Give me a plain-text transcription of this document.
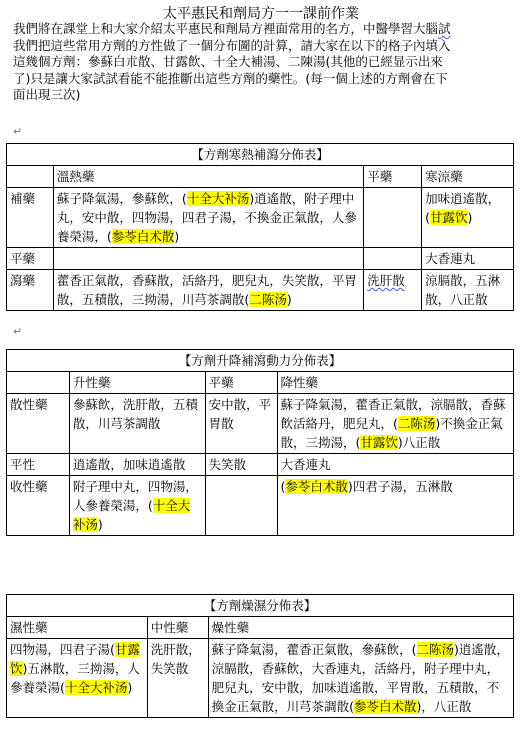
太平惠民和劑局方一一課前作業
我們將在課堂上和大家介紹太平惠民和劑局方裡面常用的名方，中醫學習大腦試
我們把這些常用方劑的方性做了一個分布圖的計算，請大家在以下的格子內填入
這幾個方劑：參蘇白朮散、甘露飲、十全大補湯、二陳湯(其他的已經显示出來
了)只是讓大家試試看能不能推斷出這些方劑的藥性。(每一個上述的方劑會在下
面出現三次)
↵
【方劑寒熱補瀉分佈表】			
	溫熱藥	平藥	寒涼藥
補藥	蘇子降氣湯，參蘇飲，(十全大补汤)逍遙散，附子理中丸，安中散，四物湯，四君子湯，不換金正氣散，人參養榮湯，(参苓白术散)		加味逍遙散，(甘露饮)
平藥			大香連丸
瀉藥	藿香正氣散，香蘇散，活絡丹，肥兒丸，失笑散，平胃散，五積散，三拗湯，川芎茶調散(二陈汤)	洗肝散	涼膈散，五淋散，八正散
↵
【方劑升降補瀉動力分佈表】			
	升性藥	平藥	降性藥
散性藥	參蘇飲，洗肝散，五積散，川芎茶調散	安中散，平胃散	蘇子降氣湯，藿香正氣散，涼膈散，香蘇飲活絡丹，肥兒丸，(二陈汤)不換金正氣散，三拗湯，(甘露饮)八正散
平性	逍遙散，加味逍遙散	失笑散	大香連丸
收性藥	附子理中丸，四物湯，人參養榮湯，(十全大补汤)		(参苓白术散)四君子湯，五淋散
【方劑燥濕分佈表】		
濕性藥	中性藥	燥性藥
四物湯，四君子湯(甘露饮)五淋散，三拗湯，人參養榮湯(十全大补汤)	洗肝散，失笑散	蘇子降氣湯，藿香正氣散，參蘇飲，(二陈汤)逍遙散，涼膈散，香蘇飲，大香連丸，活絡丹，附子理中丸，肥兒丸，安中散，加味逍遙散，平胃散，五積散，不換金正氣散，川芎茶調散(参苓白术散)，八正散
